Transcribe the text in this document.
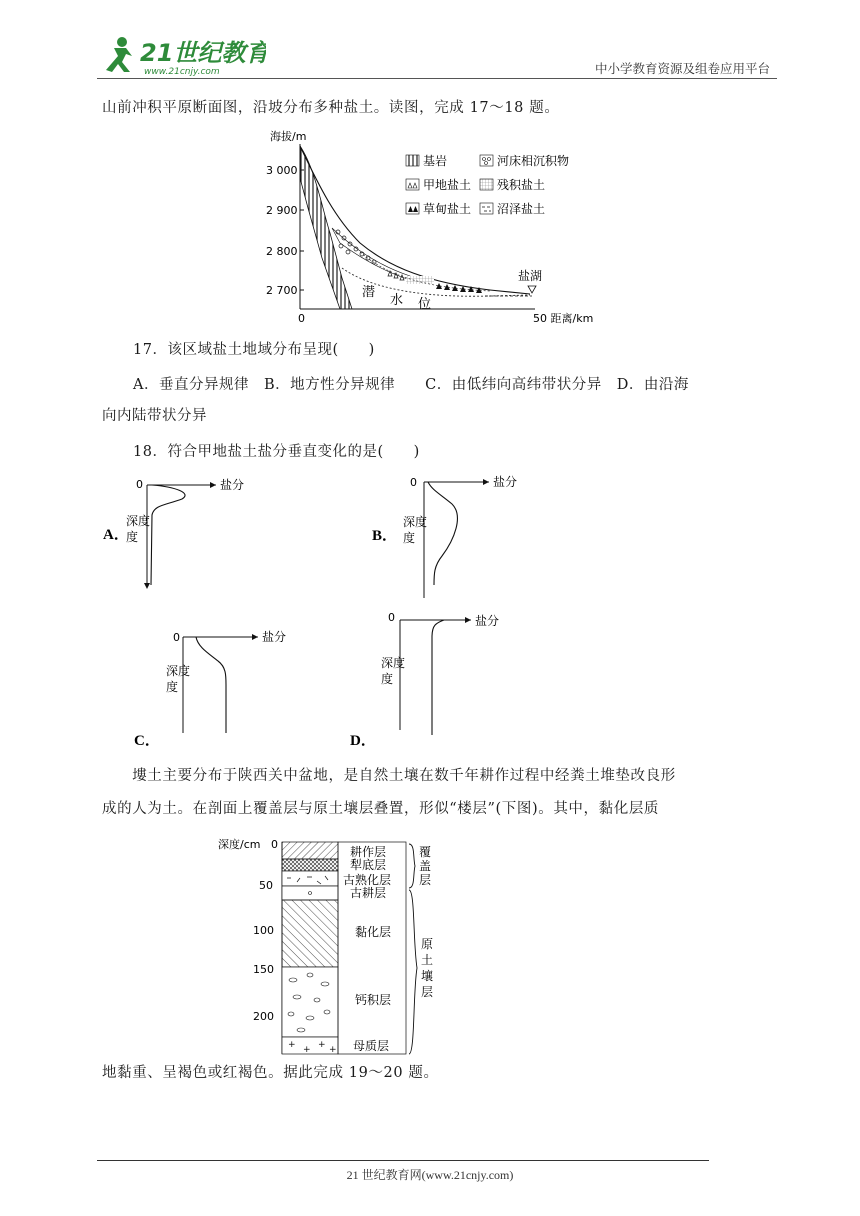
21世纪教育
www.21cnjy.com	中小学教育资源及组卷应用平台
山前冲积平原断面图，沿坡分布多种盐土。读图，完成 17～18 题。
海拔/m
3 000
2 900
2 800
2 700
0	50 距离/km
潜
水 位
盐湖
基岩	河床相沉积物
甲地盐土 残积盐土
草甸盐土 沼泽盐土
17．该区域盐土地域分布呈现(　　)
A．垂直分异规律　B．地方性分异规律　　C．由低纬向高纬带状分异　D．由沿海
向内陆带状分异
18．符合甲地盐土盐分垂直变化的是(　　)
A．
0	盐分
深度
度	B．
0	盐分
深度
度
C．
0	盐分
深度
度
D．
0	盐分
深度
度
　　塿土主要分布于陕西关中盆地，是自然土壤在数千年耕作过程中经粪土堆垫改良形
成的人为土。在剖面上覆盖层与原土壤层叠置，形似“楼层”(下图)。其中，黏化层质
深度/cm 0
50
100
150
200
+ + + +
耕作层
犁底层
古熟化层
古耕层
黏化层
钙积层
母质层
覆
盖
层
原
土
壤
层
地黏重、呈褐色或红褐色。据此完成 19～20 题。
21 世纪教育网(www.21cnjy.com)
